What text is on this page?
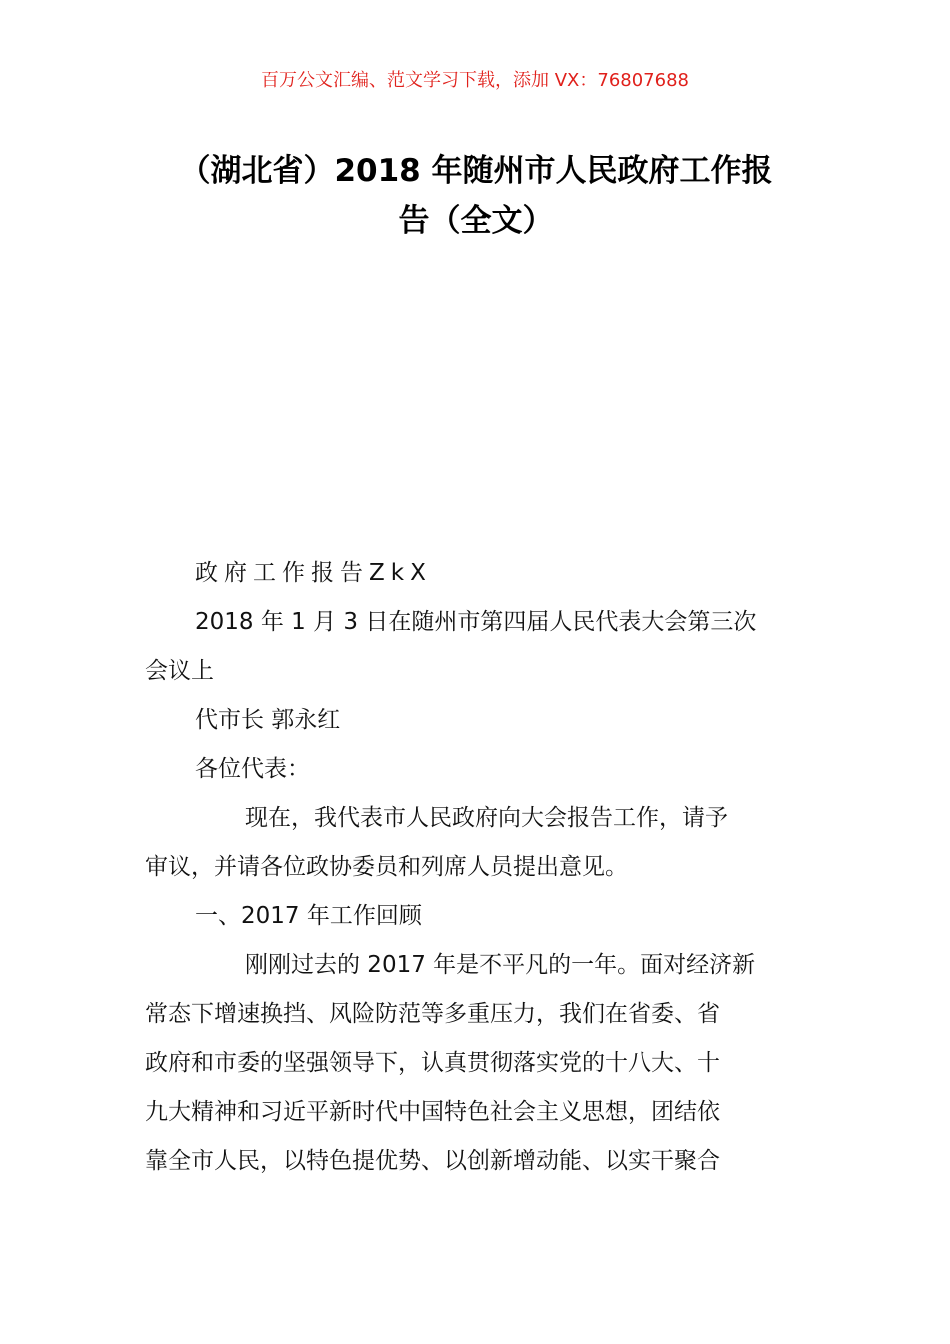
百万公文汇编、范文学习下载，添加 VX：76807688
（湖北省）2018 年随州市人民政府工作报
告（全文）

政府工作报告ZkX

2018 年 1 月 3 日在随州市第四届人民代表大会第三次
会议上

代市长 郭永红

各位代表：

现在，我代表市人民政府向大会报告工作，请予
审议，并请各位政协委员和列席人员提出意见。

一、2017 年工作回顾

刚刚过去的 2017 年是不平凡的一年。面对经济新
常态下增速换挡、风险防范等多重压力，我们在省委、省
政府和市委的坚强领导下，认真贯彻落实党的十八大、十
九大精神和习近平新时代中国特色社会主义思想，团结依
靠全市人民，以特色提优势、以创新增动能、以实干聚合
